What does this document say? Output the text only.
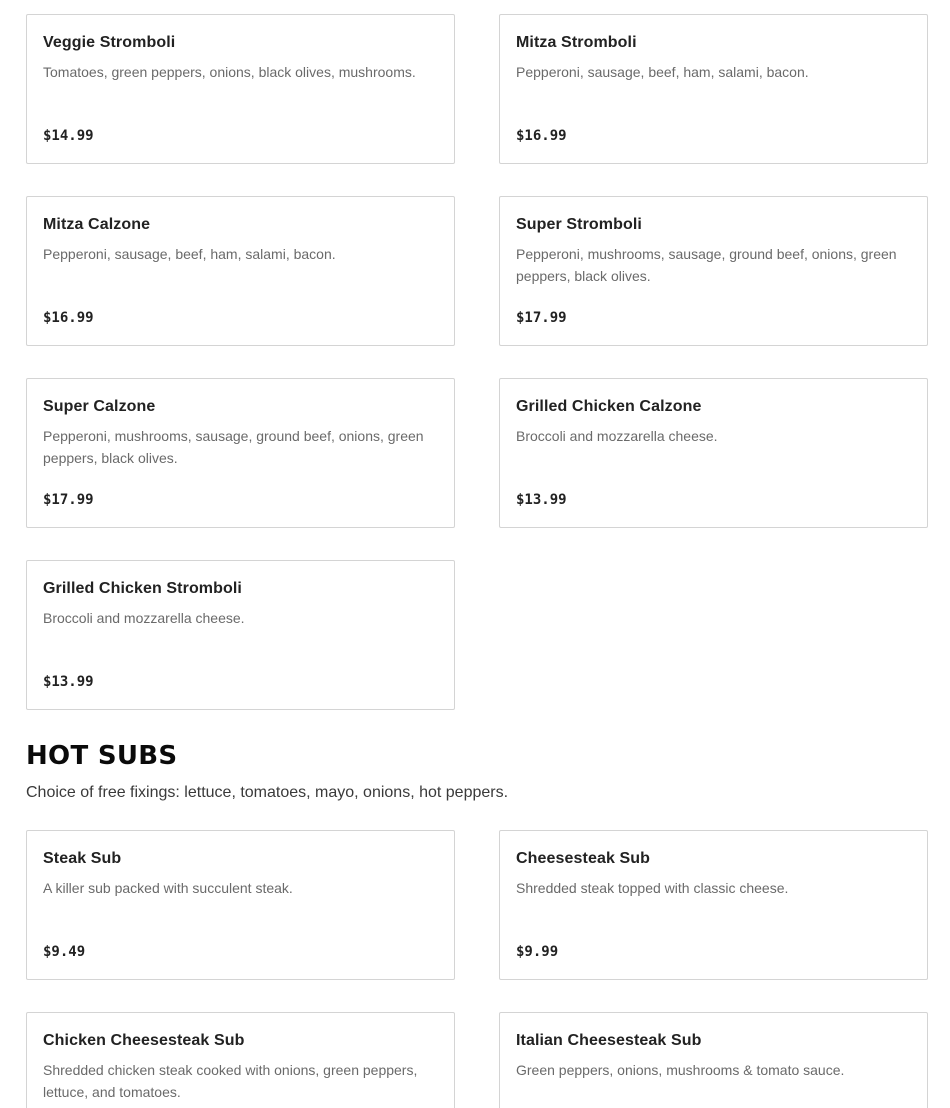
Veggie Stromboli
Tomatoes, green peppers, onions, black olives, mushrooms.
$14.99
Mitza Stromboli
Pepperoni, sausage, beef, ham, salami, bacon.
$16.99
Mitza Calzone
Pepperoni, sausage, beef, ham, salami, bacon.
$16.99
Super Stromboli
Pepperoni, mushrooms, sausage, ground beef, onions, green peppers, black olives.
$17.99
Super Calzone
Pepperoni, mushrooms, sausage, ground beef, onions, green peppers, black olives.
$17.99
Grilled Chicken Calzone
Broccoli and mozzarella cheese.
$13.99
Grilled Chicken Stromboli
Broccoli and mozzarella cheese.
$13.99
HOT SUBS
Choice of free fixings: lettuce, tomatoes, mayo, onions, hot peppers.
Steak Sub
A killer sub packed with succulent steak.
$9.49
Cheesesteak Sub
Shredded steak topped with classic cheese.
$9.99
Chicken Cheesesteak Sub
Shredded chicken steak cooked with onions, green peppers, lettuce, and tomatoes.
Italian Cheesesteak Sub
Green peppers, onions, mushrooms & tomato sauce.
